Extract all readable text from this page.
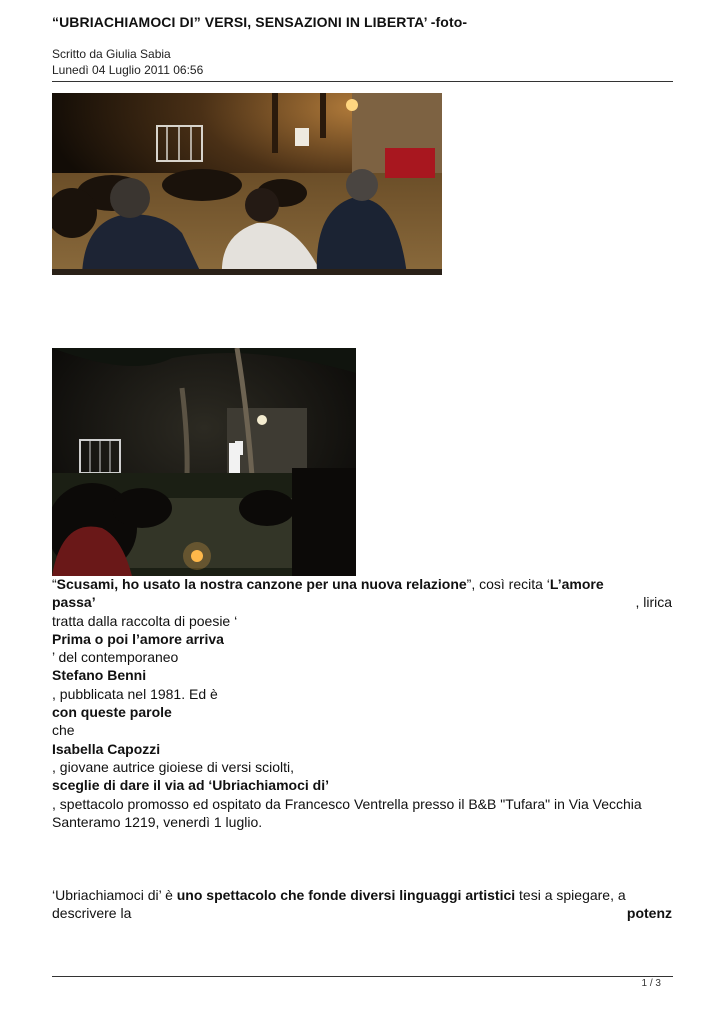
“UBRIACHIAMOCI DI” VERSI, SENSAZIONI IN LIBERTA’ -foto-
Scritto da Giulia Sabia
Lunedì 04 Luglio 2011 06:56

“Scusami, ho usato la nostra canzone per una nuova relazione”, così recita ‘L’amore

passa’	, lirica

tratta dalla raccolta di poesie ‘

Prima o poi l’amore arriva

’ del contemporaneo

Stefano Benni

, pubblicata nel 1981. Ed è

con queste parole

che

Isabella Capozzi

, giovane autrice gioiese di versi sciolti,

sceglie di dare il via ad ‘Ubriachiamoci di’

, spettacolo promosso ed ospitato da Francesco Ventrella presso il B&B "Tufara" in Via Vecchia

Santeramo 1219, venerdì 1 luglio.

‘Ubriachiamoci di’ è uno spettacolo che fonde diversi linguaggi artistici tesi a spiegare, a

descrivere la	potenz

1 / 3
